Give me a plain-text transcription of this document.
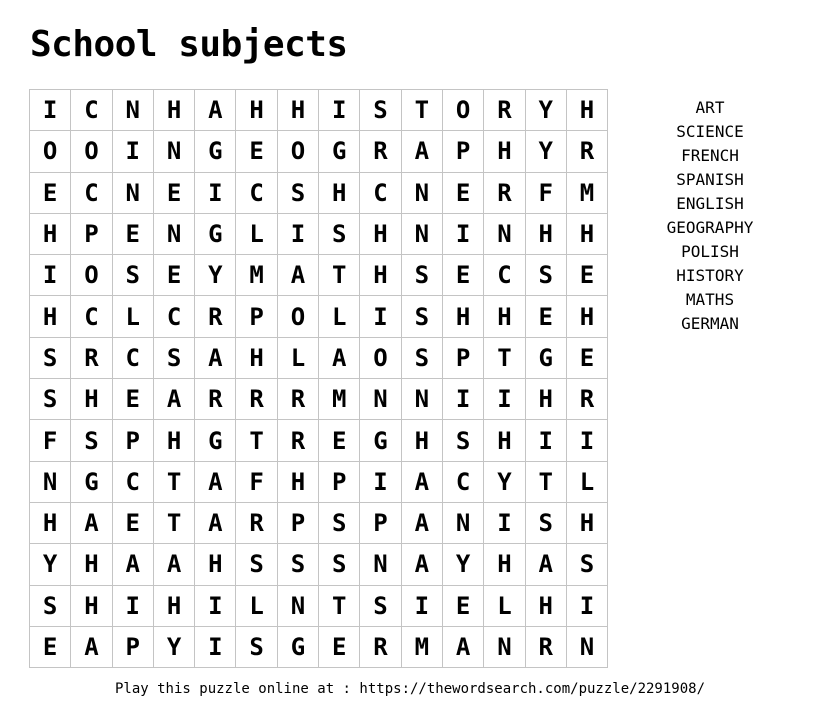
School subjects
I	C	N	H	A	H	H	I	S	T	O	R	Y	H
O	O	I	N	G	E	O	G	R	A	P	H	Y	R
E	C	N	E	I	C	S	H	C	N	E	R	F	M
H	P	E	N	G	L	I	S	H	N	I	N	H	H
I	O	S	E	Y	M	A	T	H	S	E	C	S	E
H	C	L	C	R	P	O	L	I	S	H	H	E	H
S	R	C	S	A	H	L	A	O	S	P	T	G	E
S	H	E	A	R	R	R	M	N	N	I	I	H	R
F	S	P	H	G	T	R	E	G	H	S	H	I	I
N	G	C	T	A	F	H	P	I	A	C	Y	T	L
H	A	E	T	A	R	P	S	P	A	N	I	S	H
Y	H	A	A	H	S	S	S	N	A	Y	H	A	S
S	H	I	H	I	L	N	T	S	I	E	L	H	I
E	A	P	Y	I	S	G	E	R	M	A	N	R	N
ART
SCIENCE
FRENCH
SPANISH
ENGLISH
GEOGRAPHY
POLISH
HISTORY
MATHS
GERMAN
Play this puzzle online at : https://thewordsearch.com/puzzle/2291908/
